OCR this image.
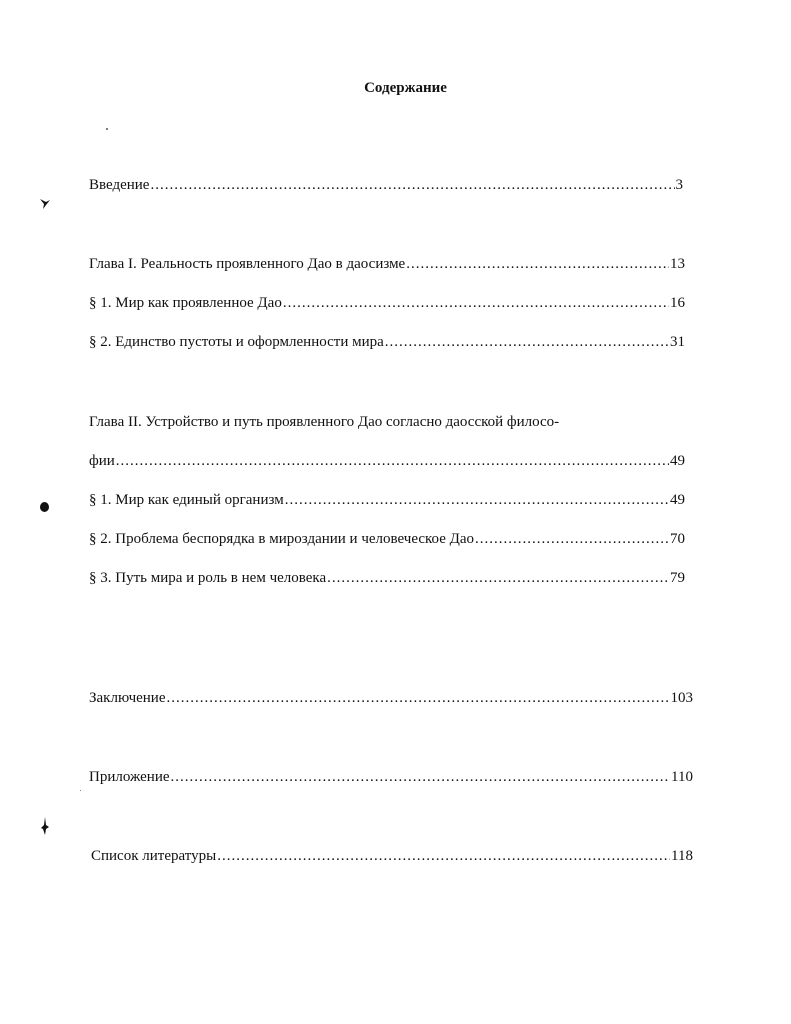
Содержание
Введение .....	3
Глава I. Реальность проявленного Дао в даосизме .....	13
§ 1. Мир как проявленное Дао .....	16
§ 2. Единство пустоты и оформленности мира .....	31
Глава II. Устройство и путь проявленного Дао согласно даосской филосо-
фии .....	49
§ 1. Мир как единый организм .....	49
§ 2. Проблема беспорядка в мироздании и человеческое Дао .....	70
§ 3. Путь мира и роль в нем человека .....	79
Заключение .....	103
Приложение .....	110
Список литературы .....	118
